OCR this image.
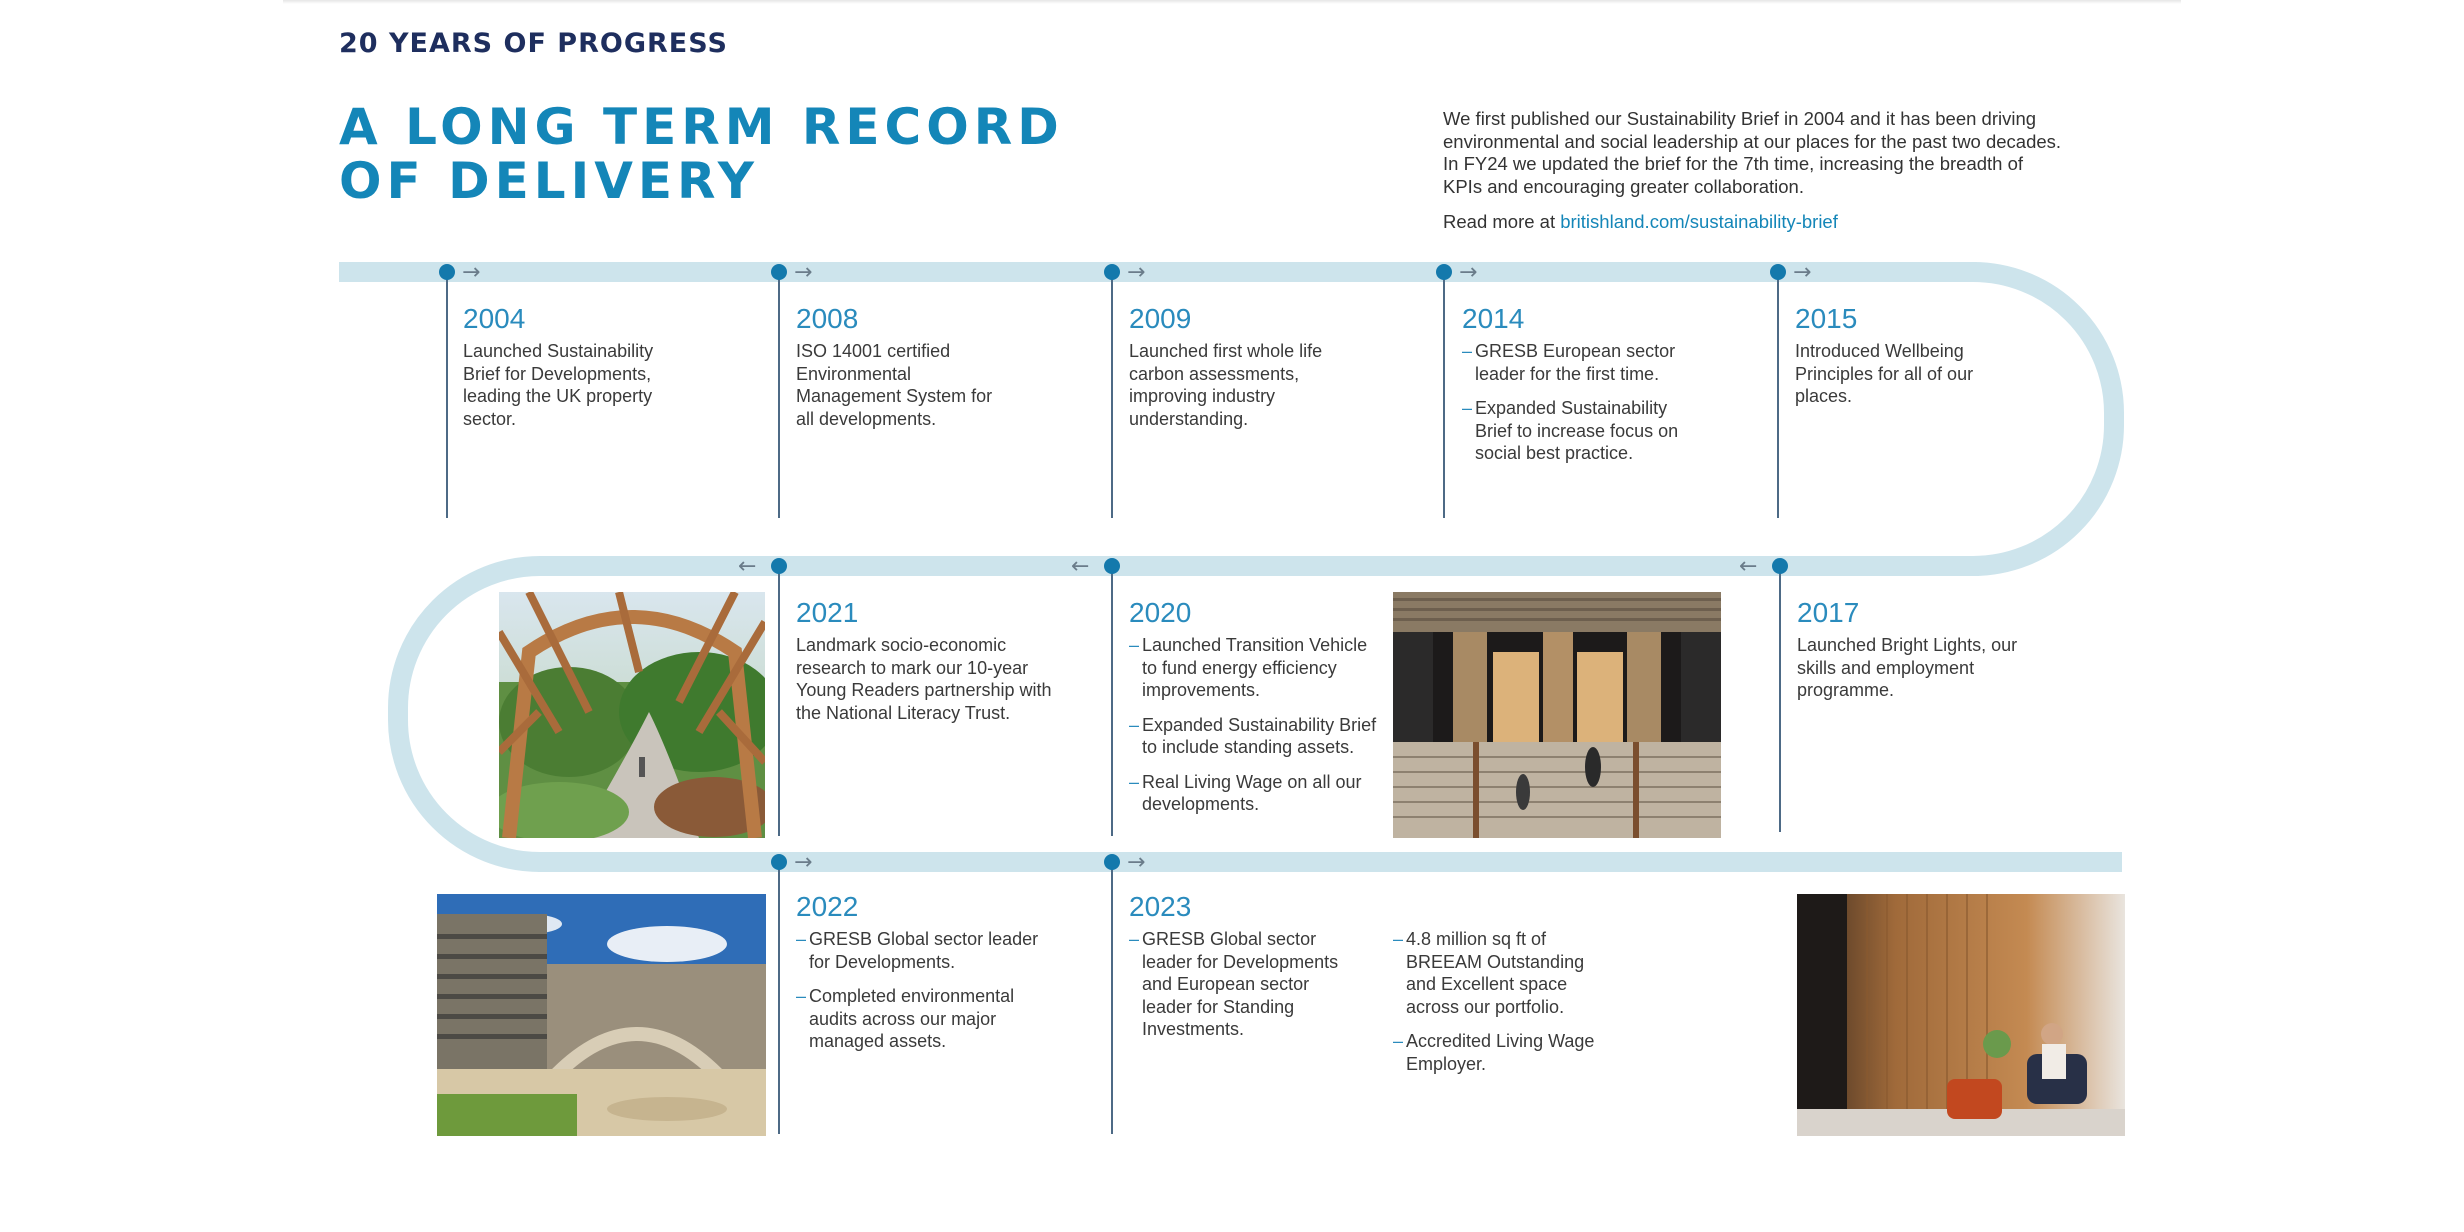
20 YEARS OF PROGRESS
A LONG TERM RECORD
OF DELIVERY
We first published our Sustainability Brief in 2004 and it has been driving environmental and social leadership at our places for the past two decades. In FY24 we updated the brief for the 7th time, increasing the breadth of KPIs and encouraging greater collaboration.
Read more at britishland.com/sustainability-brief
→	→	→	→	→
←	←	←
→	→
2004
Launched Sustainability Brief for Developments, leading the UK property sector.
2008
ISO 14001 certified Environmental Management System for all developments.
2009
Launched first whole life carbon assessments, improving industry understanding.
2014
– GRESB European sector leader for the first time.
– Expanded Sustainability Brief to increase focus on social best practice.
2015
Introduced Wellbeing Principles for all of our places.
2021
Landmark socio-economic research to mark our 10-year Young Readers partnership with the National Literacy Trust.
2020
– Launched Transition Vehicle to fund energy efficiency improvements.
– Expanded Sustainability Brief to include standing assets.
– Real Living Wage on all our developments.
2017
Launched Bright Lights, our skills and employment programme.
2022
– GRESB Global sector leader for Developments.
– Completed environmental audits across our major managed assets.
2023
– GRESB Global sector leader for Developments and European sector leader for Standing Investments.
– 4.8 million sq ft of BREEAM Outstanding and Excellent space across our portfolio.
– Accredited Living Wage Employer.
